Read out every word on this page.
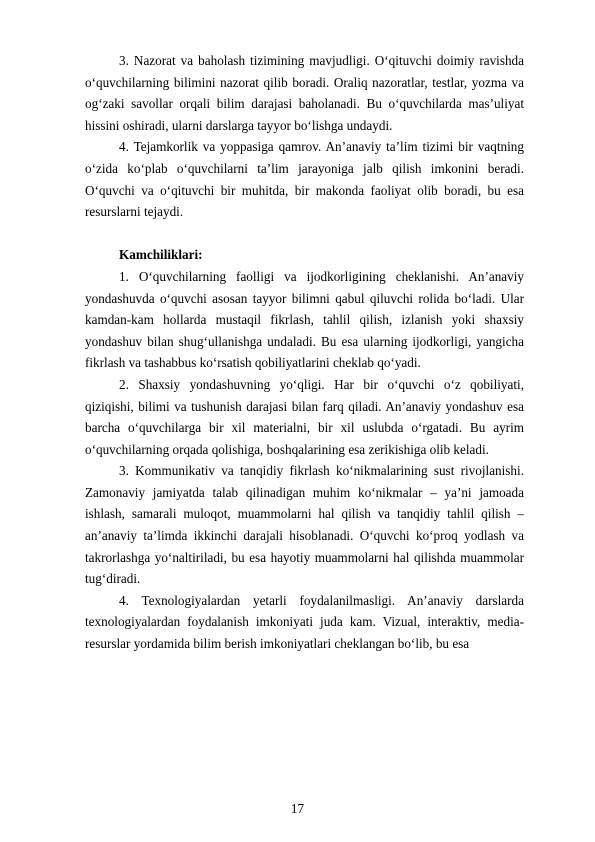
3. Nazorat va baholash tizimining mavjudligi. O‘qituvchi doimiy ravishda o‘quvchilarning bilimini nazorat qilib boradi. Oraliq nazoratlar, testlar, yozma va og‘zaki savollar orqali bilim darajasi baholanadi. Bu o‘quvchilarda mas’uliyat hissini oshiradi, ularni darslarga tayyor bo‘lishga undaydi.

4. Tejamkorlik va yoppasiga qamrov. An’anaviy ta’lim tizimi bir vaqtning o‘zida ko‘plab o‘quvchilarni ta’lim jarayoniga jalb qilish imkonini beradi. O‘quvchi va o‘qituvchi bir muhitda, bir makonda faoliyat olib boradi, bu esa resurslarni tejaydi.

Kamchiliklari:

1. O‘quvchilarning faolligi va ijodkorligining cheklanishi. An’anaviy yondashuvda o‘quvchi asosan tayyor bilimni qabul qiluvchi rolida bo‘ladi. Ular kamdan-kam hollarda mustaqil fikrlash, tahlil qilish, izlanish yoki shaxsiy yondashuv bilan shug‘ullanishga undaladi. Bu esa ularning ijodkorligi, yangicha fikrlash va tashabbus ko‘rsatish qobiliyatlarini cheklab qo‘yadi.

2. Shaxsiy yondashuvning yo‘qligi. Har bir o‘quvchi o‘z qobiliyati, qiziqishi, bilimi va tushunish darajasi bilan farq qiladi. An’anaviy yondashuv esa barcha o‘quvchilarga bir xil materialni, bir xil uslubda o‘rgatadi. Bu ayrim o‘quvchilarning orqada qolishiga, boshqalarining esa zerikishiga olib keladi.

3. Kommunikativ va tanqidiy fikrlash ko‘nikmalarining sust rivojlanishi. Zamonaviy jamiyatda talab qilinadigan muhim ko‘nikmalar – ya’ni jamoada ishlash, samarali muloqot, muammolarni hal qilish va tanqidiy tahlil qilish – an’anaviy ta’limda ikkinchi darajali hisoblanadi. O‘quvchi ko‘proq yodlash va takrorlashga yo‘naltiriladi, bu esa hayotiy muammolarni hal qilishda muammolar tug‘diradi.

4. Texnologiyalardan yetarli foydalanilmasligi. An’anaviy darslarda texnologiyalardan foydalanish imkoniyati juda kam. Vizual, interaktiv, media-resurslar yordamida bilim berish imkoniyatlari cheklangan bo‘lib, bu esa

17
